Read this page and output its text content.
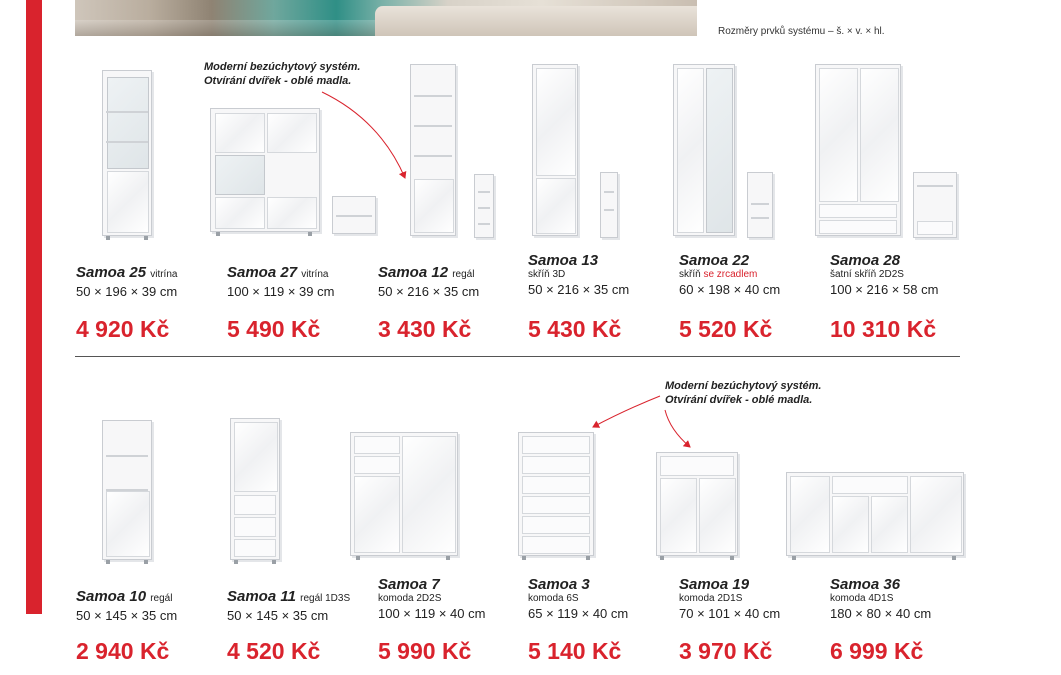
Rozměry prvků systému – š. × v. × hl.
Moderní bezúchytový systém.
Otvírání dvířek - oblé madla.
Moderní bezúchytový systém.
Otvírání dvířek - oblé madla.
Samoa 25 vitrína
50 × 196 × 39 cm
4 920 Kč
Samoa 27 vitrína
100 × 119 × 39 cm
5 490 Kč
Samoa 12 regál
50 × 216 × 35 cm
3 430 Kč
Samoa 13
skříň 3D
50 × 216 × 35 cm
5 430 Kč
Samoa 22
skříň se zrcadlem
60 × 198 × 40 cm
5 520 Kč
Samoa 28
šatní skříň 2D2S
100 × 216 × 58 cm
10 310 Kč
Samoa 10 regál
50 × 145 × 35 cm
2 940 Kč
Samoa 11 regál 1D3S
50 × 145 × 35 cm
4 520 Kč
Samoa 7
komoda 2D2S
100 × 119 × 40 cm
5 990 Kč
Samoa 3
komoda 6S
65 × 119 × 40 cm
5 140 Kč
Samoa 19
komoda 2D1S
70 × 101 × 40 cm
3 970 Kč
Samoa 36
komoda 4D1S
180 × 80 × 40 cm
6 999 Kč
